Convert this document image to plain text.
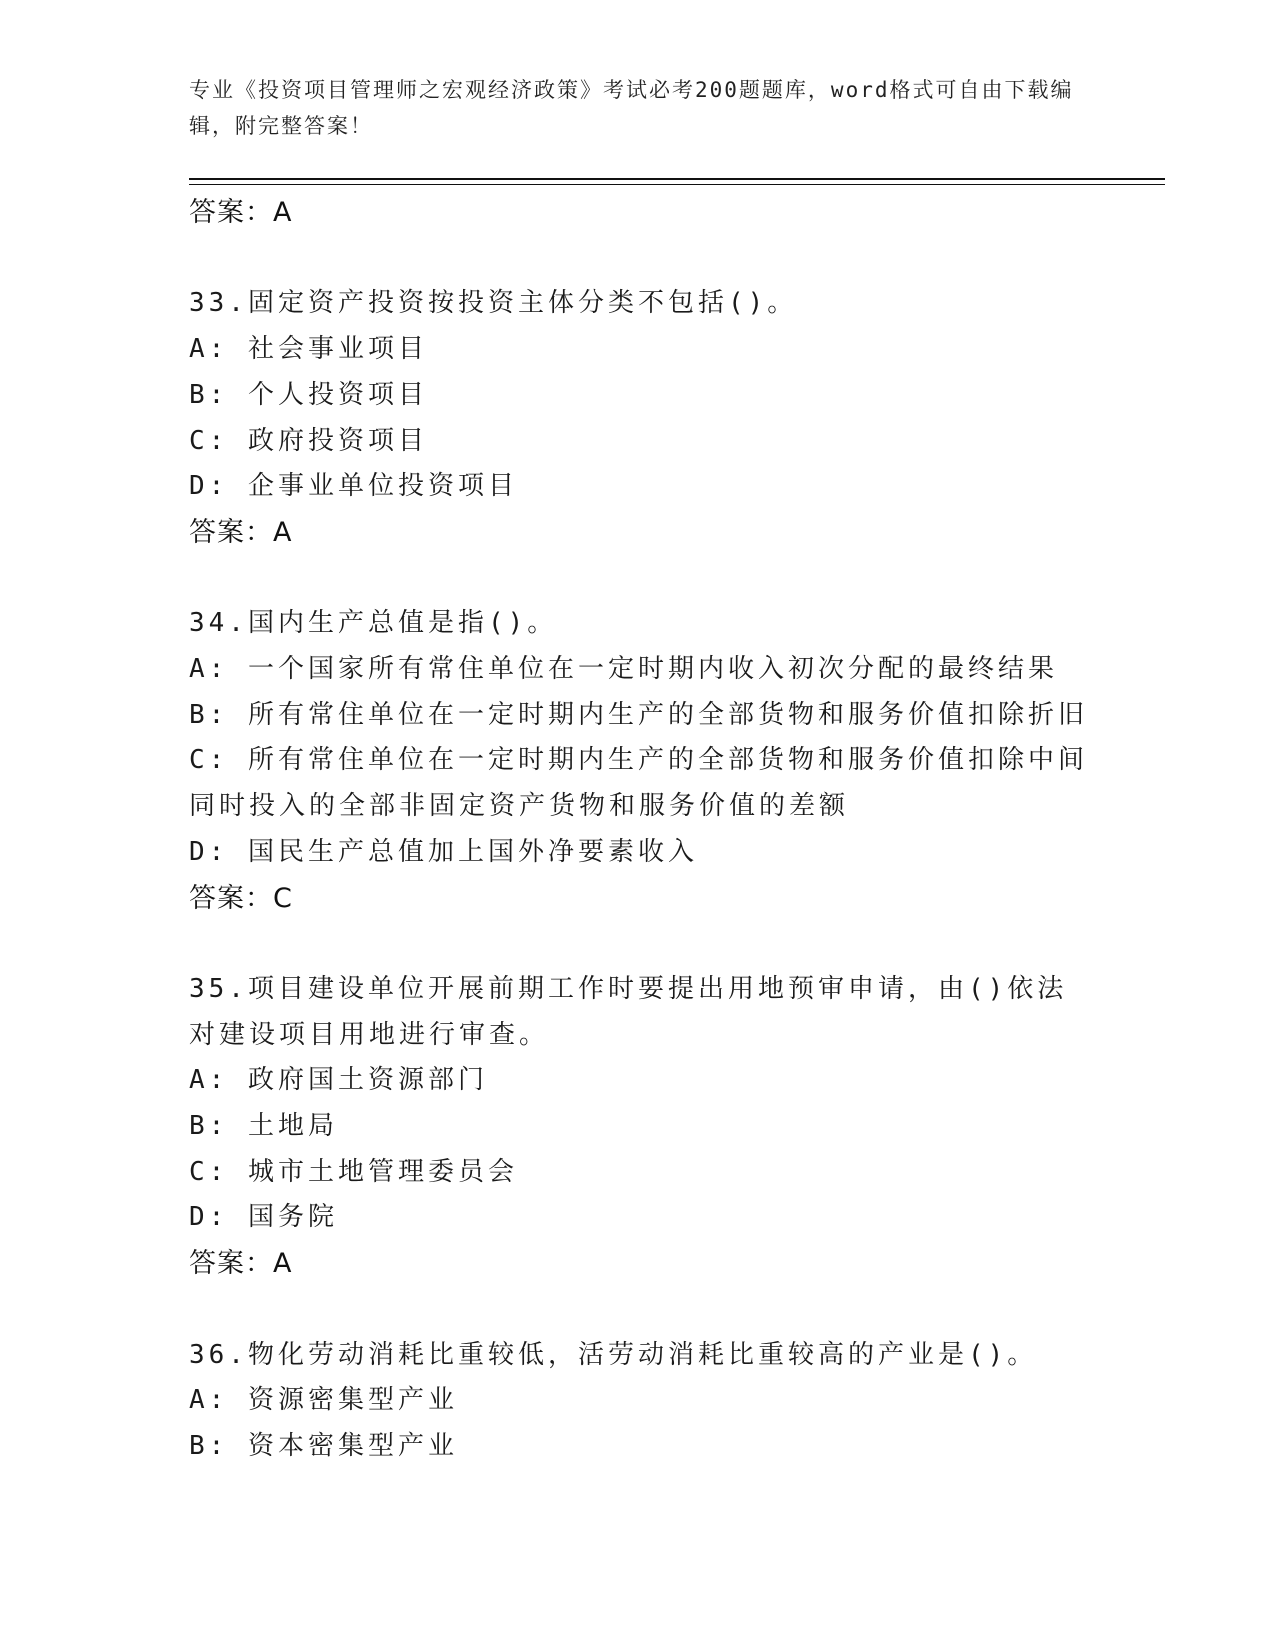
专业《投资项目管理师之宏观经济政策》考试必考200题题库，word格式可自由下载编辑，附完整答案！
答案：A
33.固定资产投资按投资主体分类不包括()。
A: 社会事业项目
B: 个人投资项目
C: 政府投资项目
D: 企事业单位投资项目
答案：A
34.国内生产总值是指()。
A: 一个国家所有常住单位在一定时期内收入初次分配的最终结果
B: 所有常住单位在一定时期内生产的全部货物和服务价值扣除折旧
C: 所有常住单位在一定时期内生产的全部货物和服务价值扣除中间同时投入的全部非固定资产货物和服务价值的差额
D: 国民生产总值加上国外净要素收入
答案：C
35.项目建设单位开展前期工作时要提出用地预审申请，由()依法对建设项目用地进行审查。
A: 政府国土资源部门
B: 土地局
C: 城市土地管理委员会
D: 国务院
答案：A
36.物化劳动消耗比重较低，活劳动消耗比重较高的产业是()。
A: 资源密集型产业
B: 资本密集型产业
